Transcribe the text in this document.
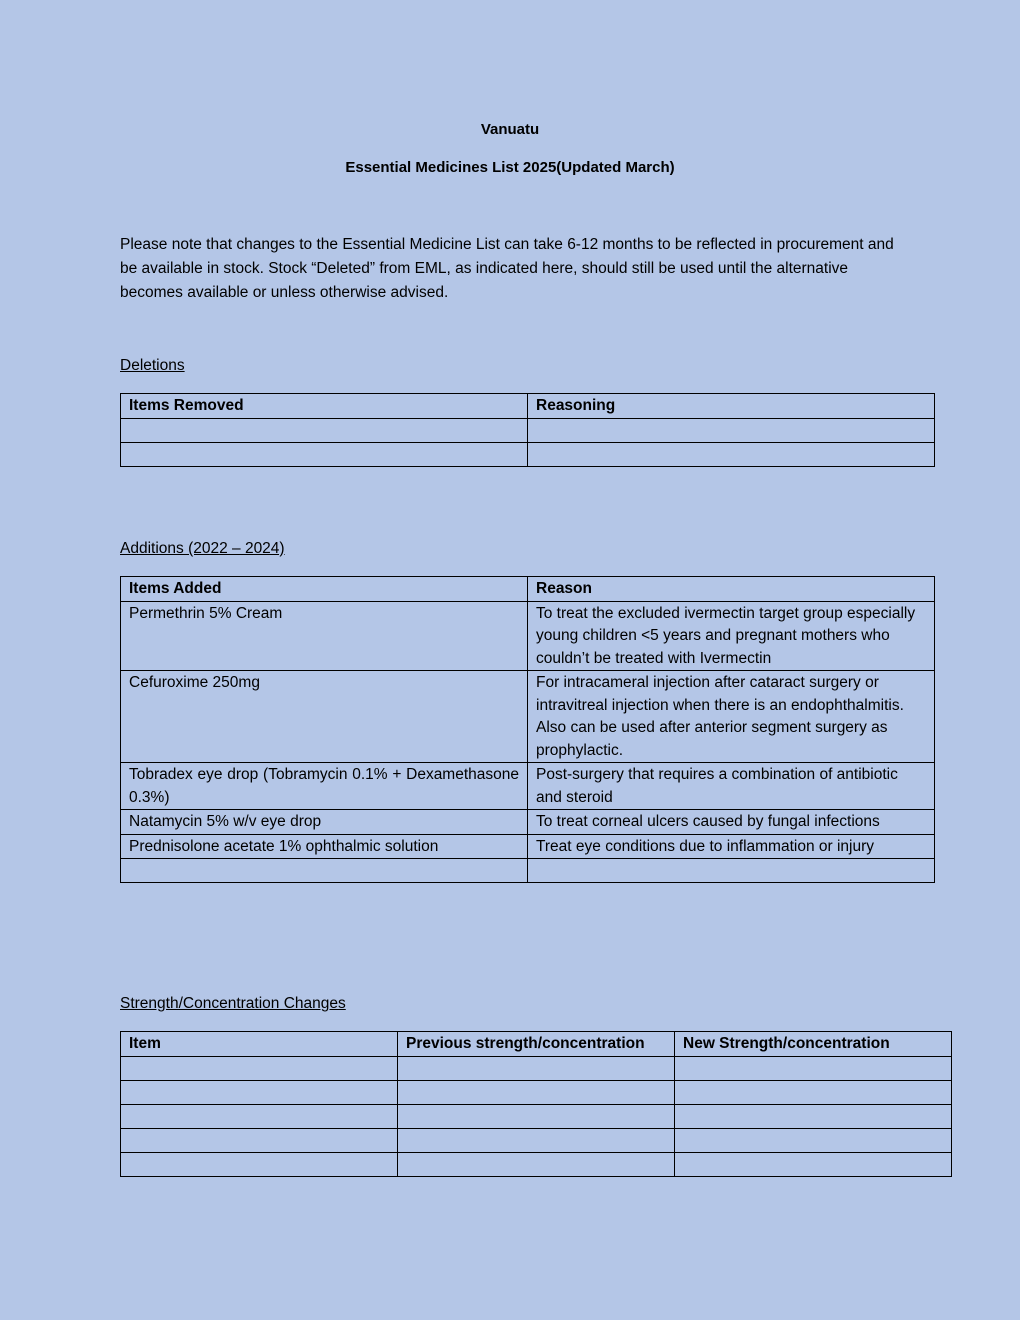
Vanuatu
Essential Medicines List 2025(Updated March)

Please note that changes to the Essential Medicine List can take 6-12 months to be reflected in procurement and be available in stock. Stock “Deleted” from EML, as indicated here, should still be used until the alternative becomes available or unless otherwise advised.

Deletions
Items Removed	Reasoning

Additions (2022 – 2024)
Items Added	Reason
Permethrin 5% Cream	To treat the excluded ivermectin target group especially young children <5 years and pregnant mothers who couldn’t be treated with Ivermectin
Cefuroxime 250mg	For intracameral injection after cataract surgery or intravitreal injection when there is an endophthalmitis. Also can be used after anterior segment surgery as prophylactic.
Tobradex eye drop (Tobramycin 0.1% + Dexamethasone 0.3%)	Post-surgery that requires a combination of antibiotic and steroid
Natamycin 5% w/v eye drop	To treat corneal ulcers caused by fungal infections
Prednisolone acetate 1% ophthalmic solution	Treat eye conditions due to inflammation or injury

Strength/Concentration Changes
Item	Previous strength/concentration	New Strength/concentration
